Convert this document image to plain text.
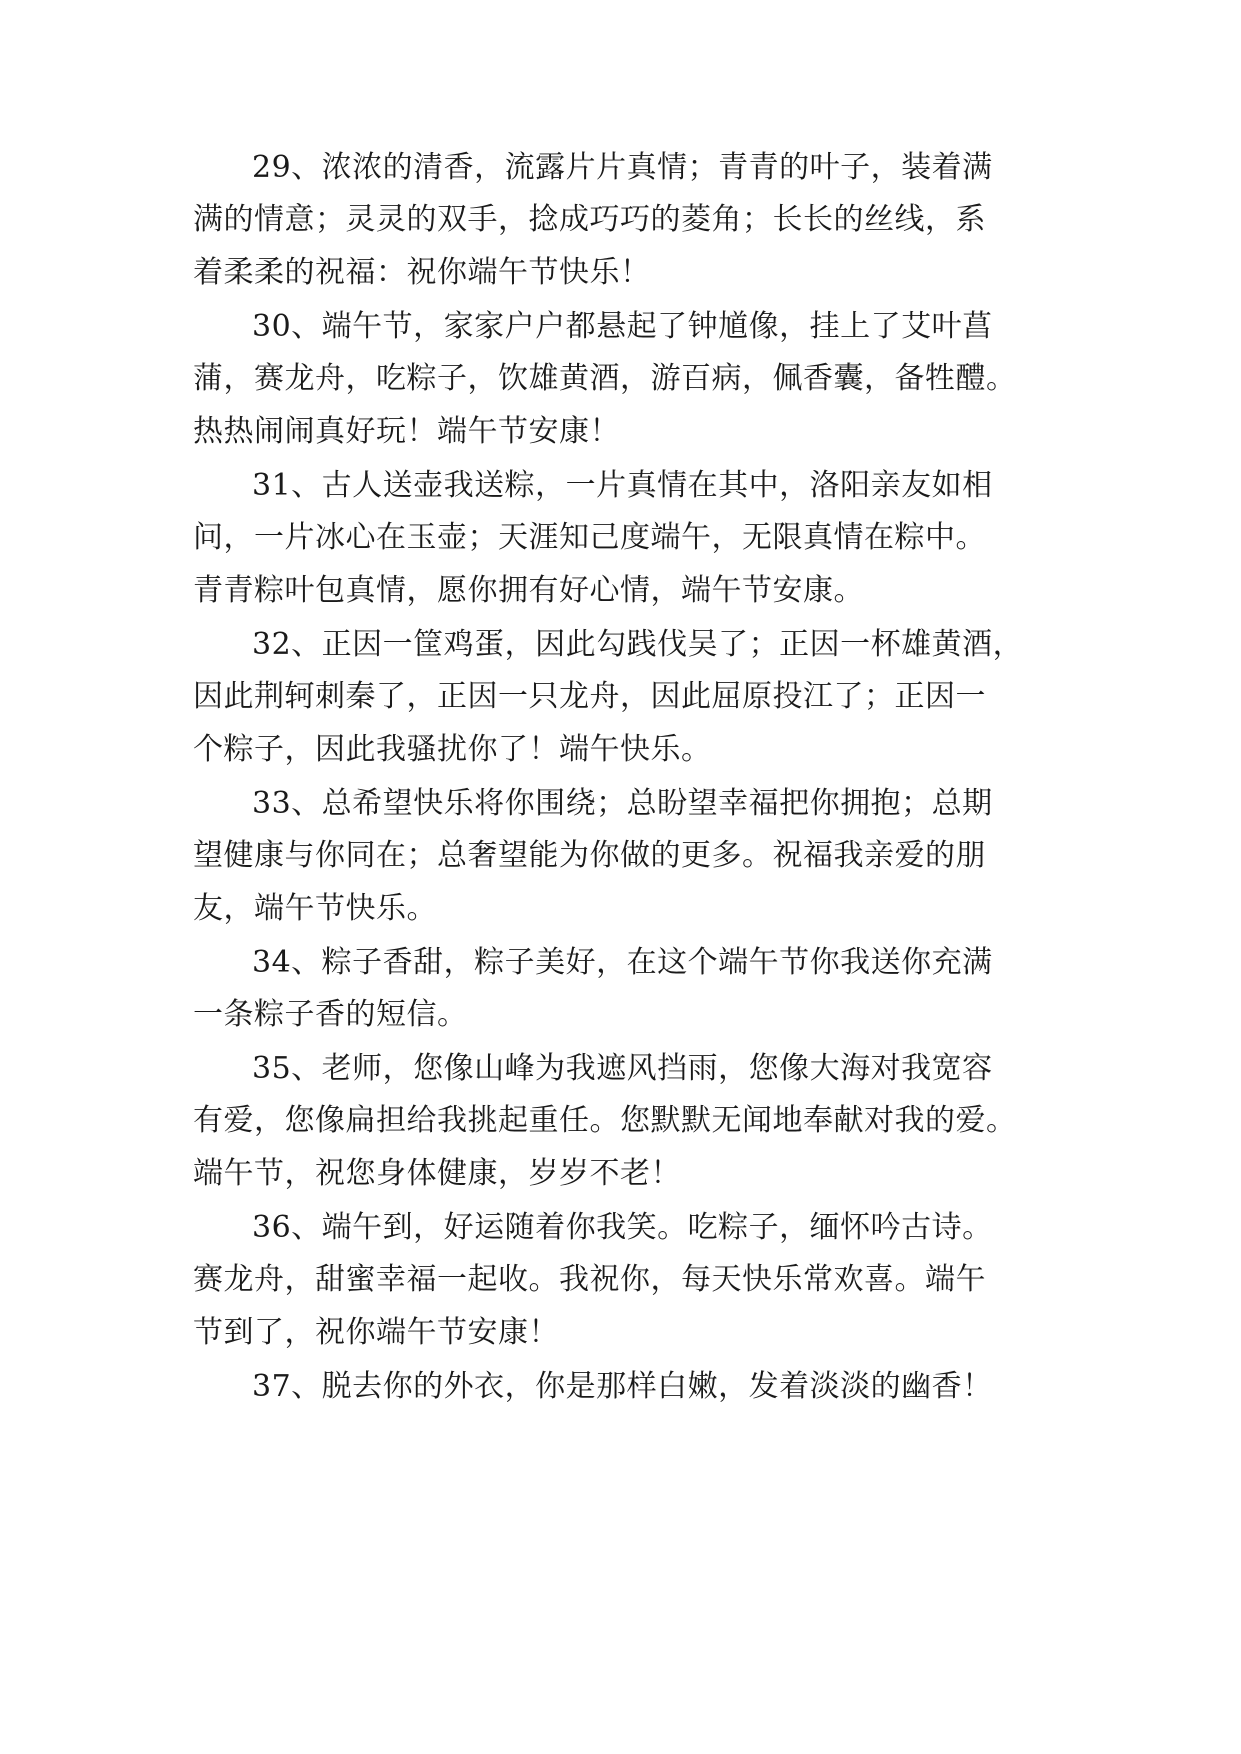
29、浓浓的清香，流露片片真情；青青的叶子，装着满
满的情意；灵灵的双手，捻成巧巧的菱角；长长的丝线，系
着柔柔的祝福：祝你端午节快乐！
30、端午节，家家户户都悬起了钟馗像，挂上了艾叶菖
蒲，赛龙舟，吃粽子，饮雄黄酒，游百病，佩香囊，备牲醴。
热热闹闹真好玩！端午节安康！
31、古人送壶我送粽，一片真情在其中，洛阳亲友如相
问，一片冰心在玉壶；天涯知己度端午，无限真情在粽中。
青青粽叶包真情，愿你拥有好心情，端午节安康。
32、正因一筐鸡蛋，因此勾践伐吴了；正因一杯雄黄酒，
因此荆轲刺秦了，正因一只龙舟，因此屈原投江了；正因一
个粽子，因此我骚扰你了！端午快乐。
33、总希望快乐将你围绕；总盼望幸福把你拥抱；总期
望健康与你同在；总奢望能为你做的更多。祝福我亲爱的朋
友，端午节快乐。
34、粽子香甜，粽子美好，在这个端午节你我送你充满
一条粽子香的短信。
35、老师，您像山峰为我遮风挡雨，您像大海对我宽容
有爱，您像扁担给我挑起重任。您默默无闻地奉献对我的爱。
端午节，祝您身体健康，岁岁不老！
36、端午到，好运随着你我笑。吃粽子，缅怀吟古诗。
赛龙舟，甜蜜幸福一起收。我祝你，每天快乐常欢喜。端午
节到了，祝你端午节安康！
37、脱去你的外衣，你是那样白嫩，发着淡淡的幽香！
